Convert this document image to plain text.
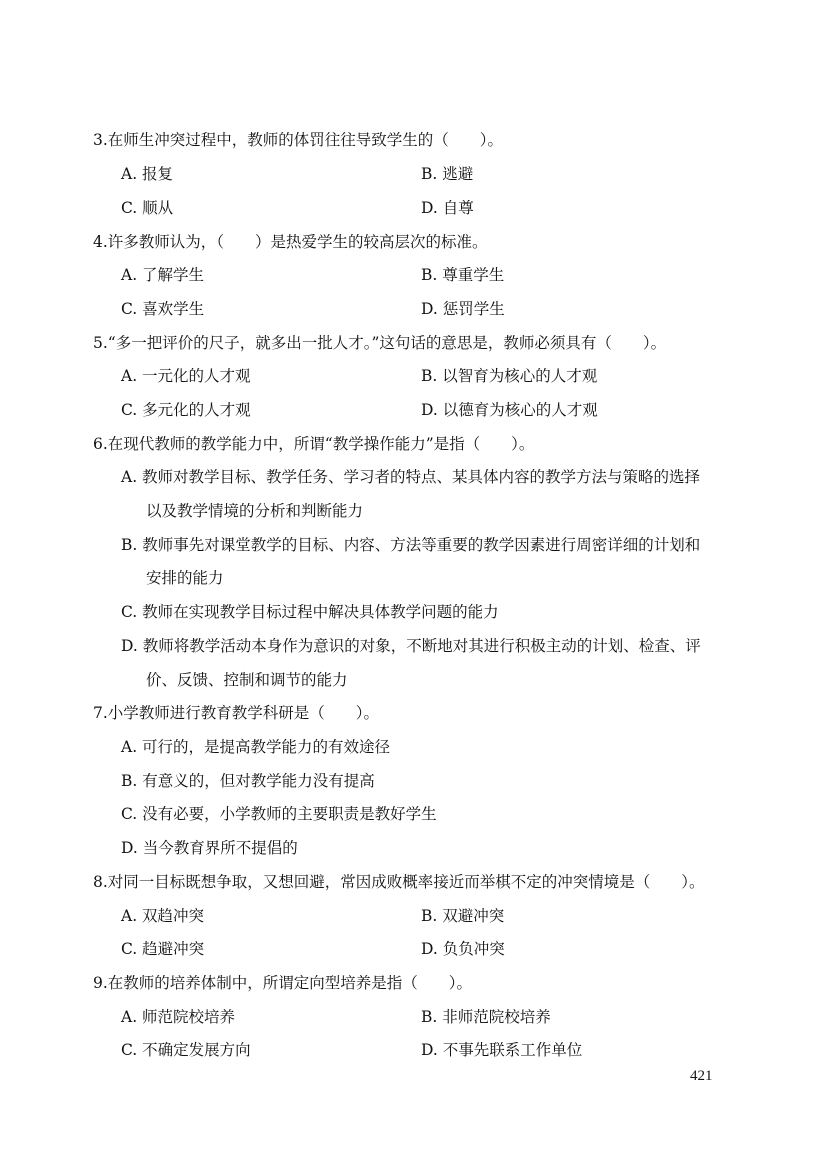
3.在师生冲突过程中，教师的体罚往往导致学生的（　　）。
A. 报复	B. 逃避
C. 顺从	D. 自尊
4.许多教师认为，（　　）是热爱学生的较高层次的标准。
A. 了解学生	B. 尊重学生
C. 喜欢学生	D. 惩罚学生
5.“多一把评价的尺子，就多出一批人才。”这句话的意思是，教师必须具有（　　）。
A. 一元化的人才观	B. 以智育为核心的人才观
C. 多元化的人才观	D. 以德育为核心的人才观
6.在现代教师的教学能力中，所谓“教学操作能力”是指（　　）。
A. 教师对教学目标、教学任务、学习者的特点、某具体内容的教学方法与策略的选择
以及教学情境的分析和判断能力
B. 教师事先对课堂教学的目标、内容、方法等重要的教学因素进行周密详细的计划和
安排的能力
C. 教师在实现教学目标过程中解决具体教学问题的能力
D. 教师将教学活动本身作为意识的对象，不断地对其进行积极主动的计划、检查、评
价、反馈、控制和调节的能力
7.小学教师进行教育教学科研是（　　）。
A. 可行的，是提高教学能力的有效途径
B. 有意义的，但对教学能力没有提高
C. 没有必要，小学教师的主要职责是教好学生
D. 当今教育界所不提倡的
8.对同一目标既想争取，又想回避，常因成败概率接近而举棋不定的冲突情境是（　　）。
A. 双趋冲突	B. 双避冲突
C. 趋避冲突	D. 负负冲突
9.在教师的培养体制中，所谓定向型培养是指（　　）。
A. 师范院校培养	B. 非师范院校培养
C. 不确定发展方向	D. 不事先联系工作单位
421
